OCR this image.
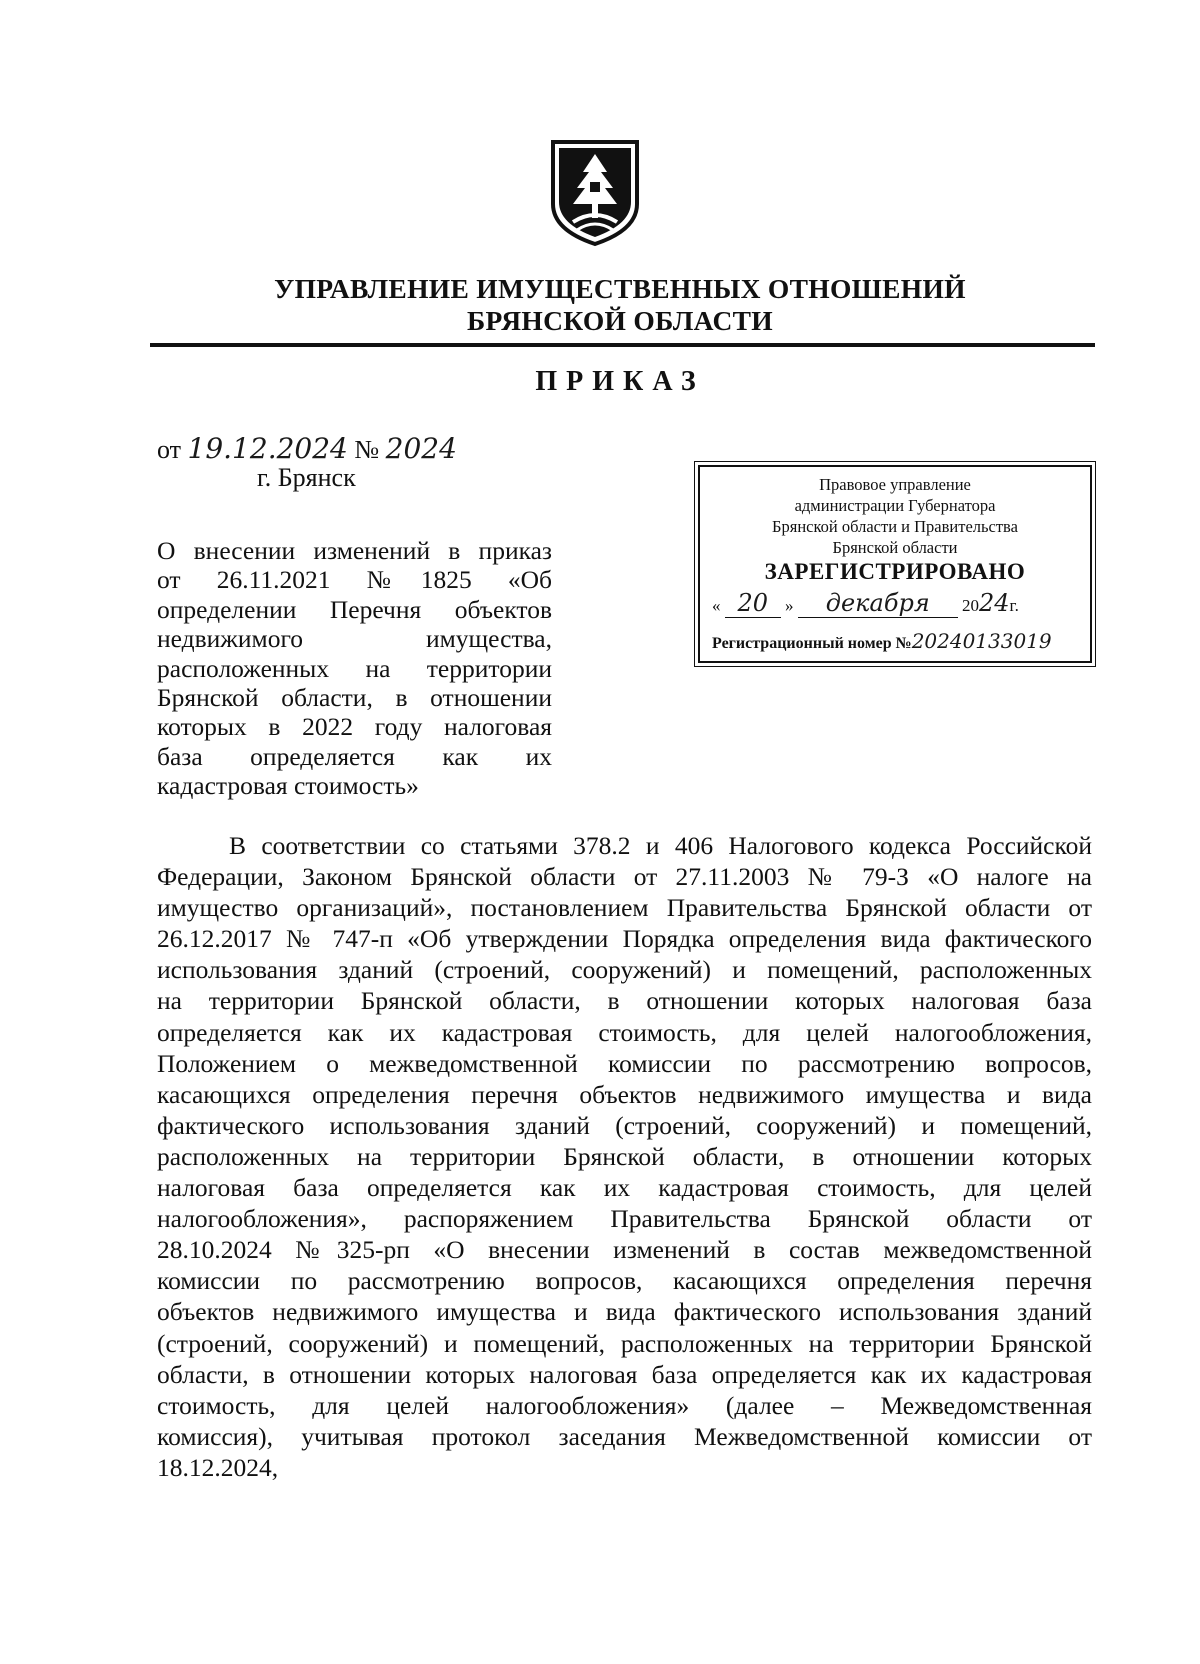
УПРАВЛЕНИЕ ИМУЩЕСТВЕННЫХ ОТНОШЕНИЙ
БРЯНСКОЙ ОБЛАСТИ
ПРИКАЗ
от 19.12.2024 № 2024
г. Брянск
О внесении изменений в приказ
от 26.11.2021 №1825 «Об
определении Перечня объектов
недвижимого имущества,
расположенных на территории
Брянской области, в отношении
которых в 2022 году налоговая
база определяется как их
кадастровая стоимость»
Правовое управление
администрации Губернатора
Брянской области и Правительства
Брянской области
ЗАРЕГИСТРИРОВАНО
« 20 » декабря 2024г.
Регистрационный номер №20240133019
В соответствии со статьями 378.2 и 406 Налогового кодекса Российской
Федерации, Законом Брянской области от 27.11.2003 № 79-З «О налоге на
имущество организаций», постановлением Правительства Брянской области от
26.12.2017 № 747-п «Об утверждении Порядка определения вида фактического
использования зданий (строений, сооружений) и помещений, расположенных
на территории Брянской области, в отношении которых налоговая база
определяется как их кадастровая стоимость, для целей налогообложения,
Положением о межведомственной комиссии по рассмотрению вопросов,
касающихся определения перечня объектов недвижимого имущества и вида
фактического использования зданий (строений, сооружений) и помещений,
расположенных на территории Брянской области, в отношении которых
налоговая база определяется как их кадастровая стоимость, для целей
налогообложения», распоряжением Правительства Брянской области от
28.10.2024 №325-рп «О внесении изменений в состав межведомственной
комиссии по рассмотрению вопросов, касающихся определения перечня
объектов недвижимого имущества и вида фактического использования зданий
(строений, сооружений) и помещений, расположенных на территории Брянской
области, в отношении которых налоговая база определяется как их кадастровая
стоимость, для целей налогообложения» (далее – Межведомственная
комиссия), учитывая протокол заседания Межведомственной комиссии от
18.12.2024,
